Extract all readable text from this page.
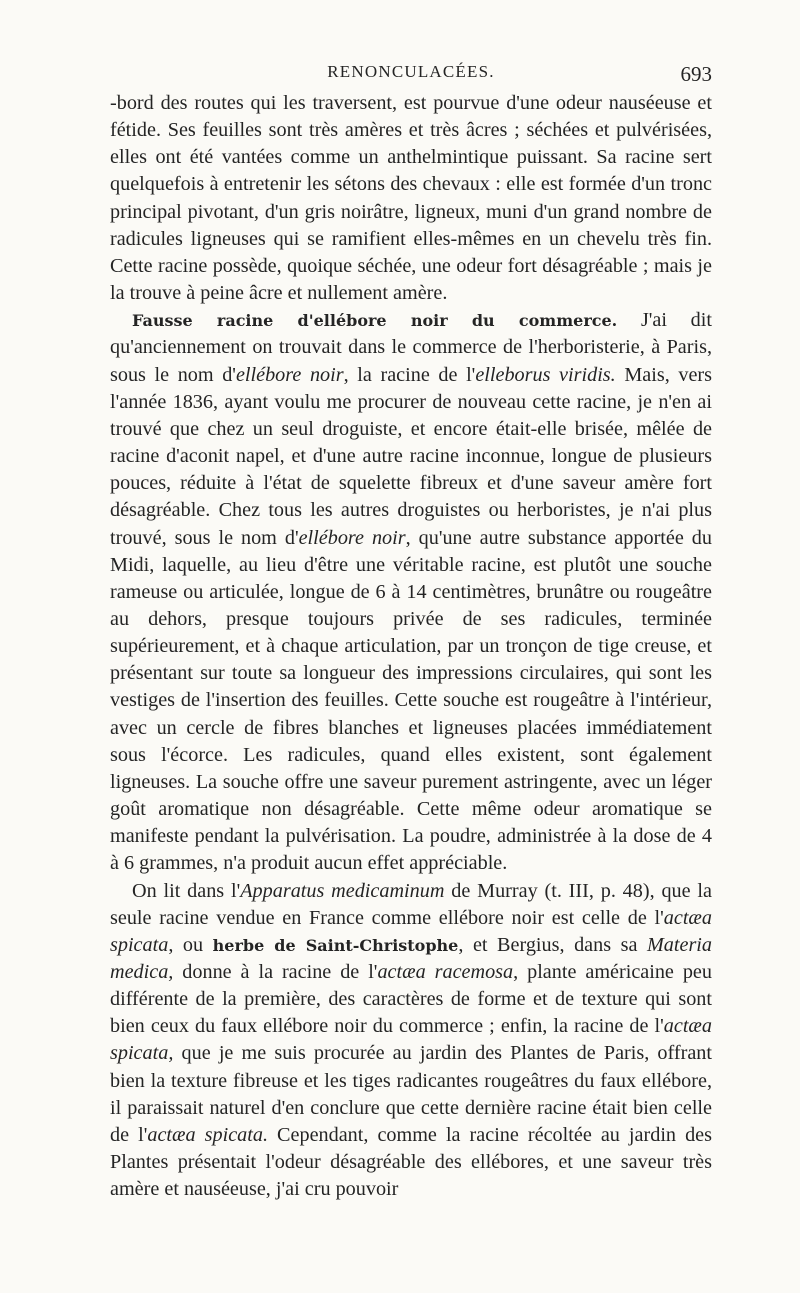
RENONCULACÉES.	693

-bord des routes qui les traversent, est pourvue d'une odeur nauséeuse et fétide. Ses feuilles sont très amères et très âcres ; séchées et pulvérisées, elles ont été vantées comme un anthelmintique puissant. Sa racine sert quelquefois à entretenir les sétons des chevaux : elle est formée d'un tronc principal pivotant, d'un gris noirâtre, ligneux, muni d'un grand nombre de radicules ligneuses qui se ramifient elles-mêmes en un chevelu très fin. Cette racine possède, quoique séchée, une odeur fort désagréable ; mais je la trouve à peine âcre et nullement amère.

Fausse racine d'ellébore noir du commerce. J'ai dit qu'anciennement on trouvait dans le commerce de l'herboristerie, à Paris, sous le nom d'ellébore noir, la racine de l'elleborus viridis. Mais, vers l'année 1836, ayant voulu me procurer de nouveau cette racine, je n'en ai trouvé que chez un seul droguiste, et encore était-elle brisée, mêlée de racine d'aconit napel, et d'une autre racine inconnue, longue de plusieurs pouces, réduite à l'état de squelette fibreux et d'une saveur amère fort désagréable. Chez tous les autres droguistes ou herboristes, je n'ai plus trouvé, sous le nom d'ellébore noir, qu'une autre substance apportée du Midi, laquelle, au lieu d'être une véritable racine, est plutôt une souche rameuse ou articulée, longue de 6 à 14 centimètres, brunâtre ou rougeâtre au dehors, presque toujours privée de ses radicules, terminée supérieurement, et à chaque articulation, par un tronçon de tige creuse, et présentant sur toute sa longueur des impressions circulaires, qui sont les vestiges de l'insertion des feuilles. Cette souche est rougeâtre à l'intérieur, avec un cercle de fibres blanches et ligneuses placées immédiatement sous l'écorce. Les radicules, quand elles existent, sont également ligneuses. La souche offre une saveur purement astringente, avec un léger goût aromatique non désagréable. Cette même odeur aromatique se manifeste pendant la pulvérisation. La poudre, administrée à la dose de 4 à 6 grammes, n'a produit aucun effet appréciable.

On lit dans l'Apparatus medicaminum de Murray (t. III, p. 48), que la seule racine vendue en France comme ellébore noir est celle de l'actæa spicata, ou herbe de Saint-Christophe, et Bergius, dans sa Materia medica, donne à la racine de l'actæa racemosa, plante américaine peu différente de la première, des caractères de forme et de texture qui sont bien ceux du faux ellébore noir du commerce ; enfin, la racine de l'actæa spicata, que je me suis procurée au jardin des Plantes de Paris, offrant bien la texture fibreuse et les tiges radicantes rougeâtres du faux ellébore, il paraissait naturel d'en conclure que cette dernière racine était bien celle de l'actæa spicata. Cependant, comme la racine récoltée au jardin des Plantes présentait l'odeur désagréable des ellébores, et une saveur très amère et nauséeuse, j'ai cru pouvoir
